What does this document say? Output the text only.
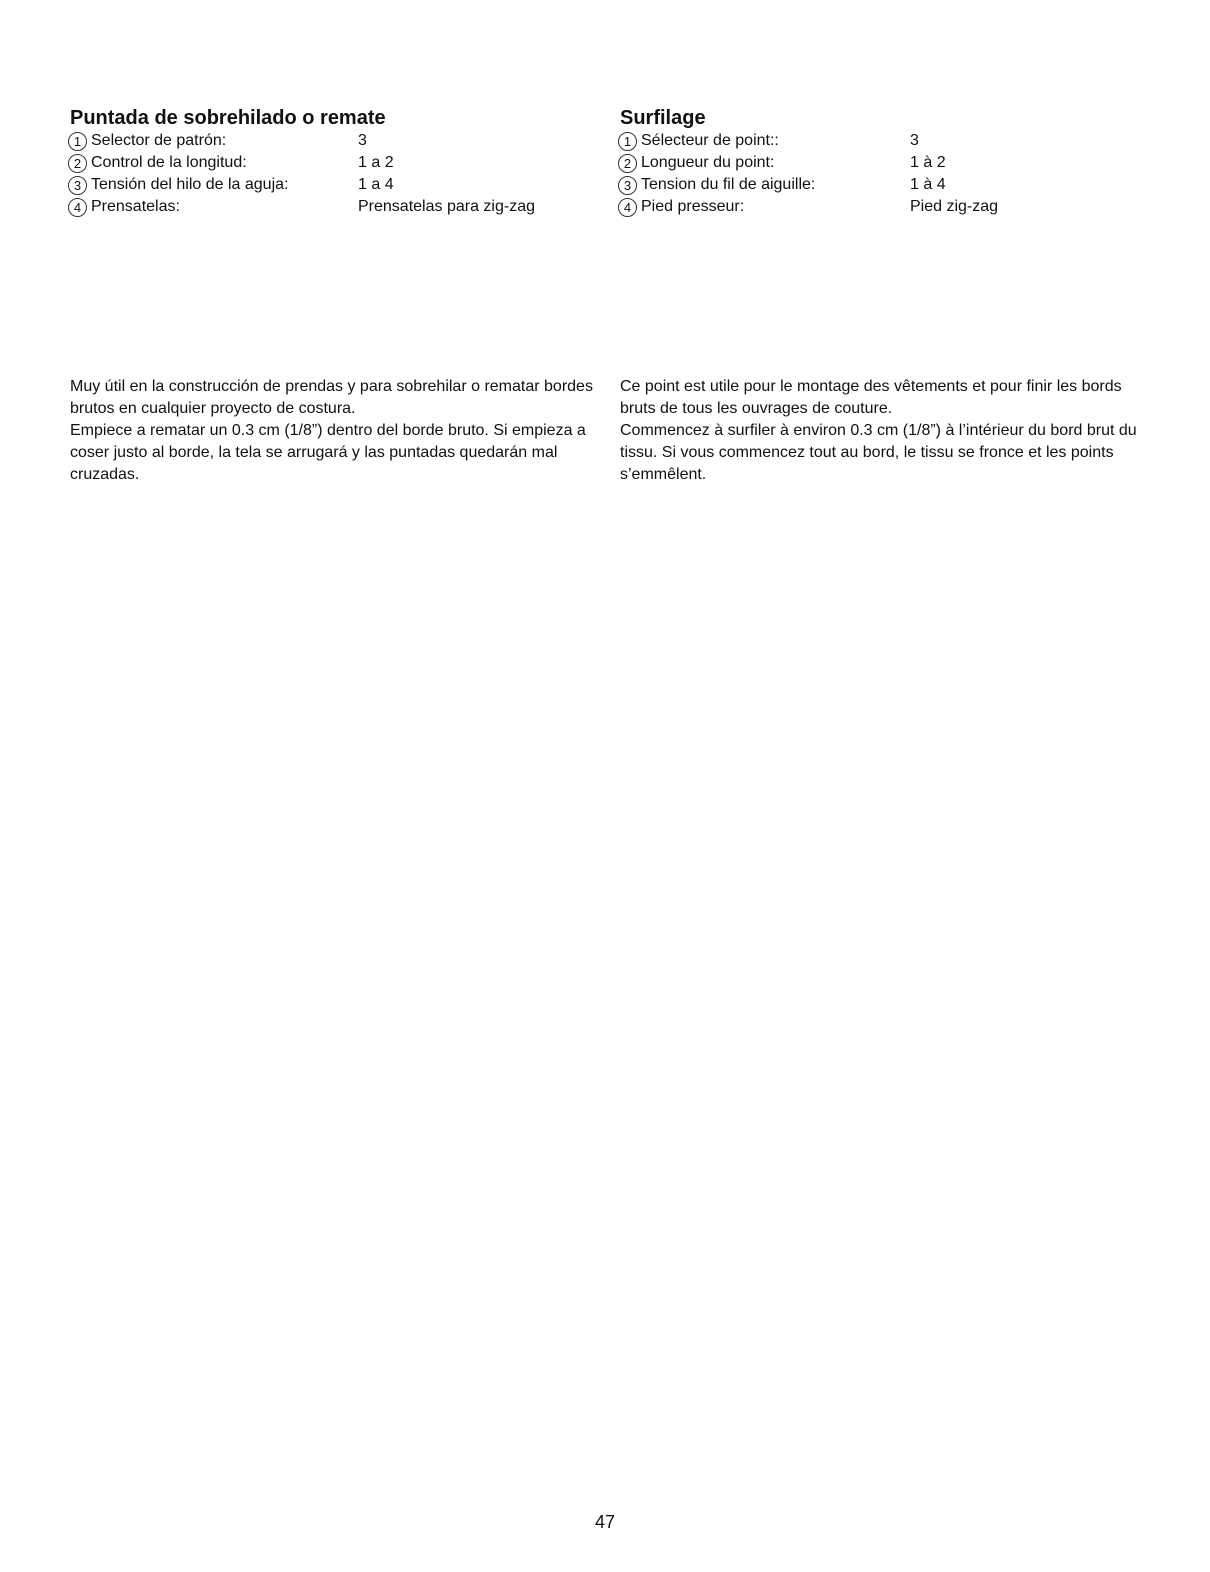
Puntada de sobrehilado o remate
1 Selector de patrón:	3
2 Control de la longitud:	1 a 2
3 Tensión del hilo de la aguja:	1 a 4
4 Prensatelas:	Prensatelas para zig-zag
Surfilage
1 Sélecteur de point::	3
2 Longueur du point:	1 à 2
3 Tension du fil de aiguille:	1 à 4
4 Pied presseur:	Pied zig-zag

Muy útil en la construcción de prendas y para sobrehilar o rematar bordes brutos en cualquier proyecto de costura.

Empiece a rematar un 0.3 cm (1/8”) dentro del borde bruto. Si empieza a coser justo al borde, la tela se arrugará y las puntadas quedarán mal cruzadas.

Ce point est utile pour le montage des vêtements et pour finir les bords bruts de tous les ouvrages de couture.

Commencez à surfiler à environ 0.3 cm (1/8”) à l’intérieur du bord brut du tissu. Si vous commencez tout au bord, le tissu se fronce et les points s’emmêlent.

47
